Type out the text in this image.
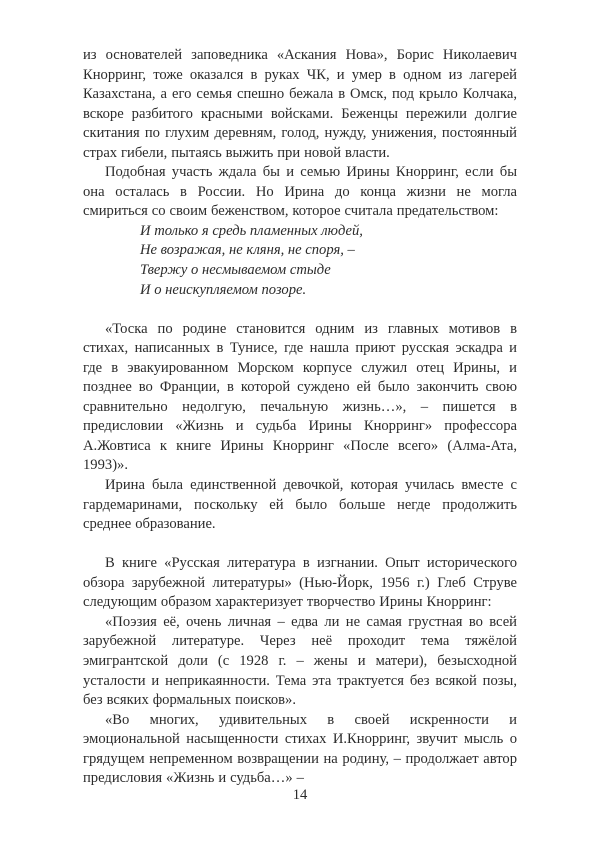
из основателей заповедника «Аскания Нова», Борис Николаевич Кнорринг, тоже оказался в руках ЧК, и умер в одном из лагерей Казахстана, а его семья спешно бежала в Омск, под крыло Колчака, вскоре разбитого красными войсками. Беженцы пережили долгие скитания по глухим деревням, голод, нужду, унижения, постоянный страх гибели, пытаясь выжить при новой власти.

Подобная участь ждала бы и семью Ирины Кнорринг, если бы она осталась в России. Но Ирина до конца жизни не могла смириться со своим беженством, которое считала предательством:

И только я средь пламенных людей,

Не возражая, не кляня, не споря, –

Твержу о несмываемом стыде

И о неискупляемом позоре.

«Тоска по родине становится одним из главных мотивов в стихах, написанных в Тунисе, где нашла приют русская эскадра и где в эвакуированном Морском корпусе служил отец Ирины, и позднее во Франции, в которой суждено ей было закончить свою сравнительно недолгую, печальную жизнь…», – пишется в предисловии «Жизнь и судьба Ирины Кнорринг» профессора А.Жовтиса к книге Ирины Кнорринг «После всего» (Алма-Ата, 1993)».

Ирина была единственной девочкой, которая училась вместе с гардемаринами, поскольку ей было больше негде продолжить среднее образование.

В книге «Русская литература в изгнании. Опыт исторического обзора зарубежной литературы» (Нью-Йорк, 1956 г.) Глеб Струве следующим образом характеризует творчество Ирины Кнорринг:

«Поэзия её, очень личная – едва ли не самая грустная во всей зарубежной литературе. Через неё проходит тема тяжёлой эмигрантской доли (с 1928 г. – жены и матери), безысходной усталости и неприкаянности. Тема эта трактуется без всякой позы, без всяких формальных поисков».

«Во многих, удивительных в своей искренности и эмоциональной насыщенности стихах И.Кнорринг, звучит мысль о грядущем непременном возвращении на родину, – продолжает автор предисловия «Жизнь и судьба…» –

14
